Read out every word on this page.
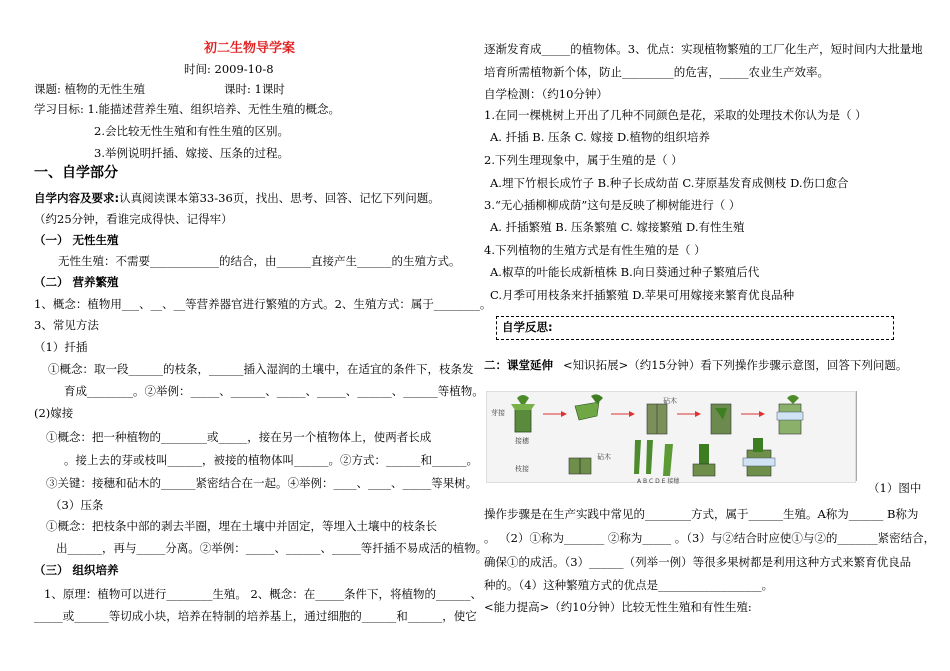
初二生物导学案
时间: 2009-10-8
课题: 植物的无性生殖	课时: 1课时
学习目标: 1.能描述营养生殖、组织培养、无性生殖的概念。
2.会比较无性生殖和有性生殖的区别。
3.举例说明扦插、嫁接、压条的过程。
一、自学部分
自学内容及要求:认真阅读课本第33-36页，找出、思考、回答、记忆下列问题。
（约25分钟，看谁完成得快、记得牢）
（一） 无性生殖
无性生殖：不需要____________的结合，由______直接产生______的生殖方式。
（二） 营养繁殖
1、概念：植物用___、__、__等营养器官进行繁殖的方式。2、生殖方式：属于________。
3、常见方法
（1）扦插
①概念：取一段______的枝条，______插入湿润的土壤中，在适宜的条件下，枝条发
育成________。②举例：_____、______、_____、_____、______、______等植物。
(2)嫁接
①概念：把一种植物的________或_____，接在另一个植物体上，使两者长成
。接上去的芽或枝叫______，被接的植物体叫______。②方式：______和______。
③关键：接穗和砧木的______紧密结合在一起。④举例：____、____、_____等果树。
（3）压条
①概念：把枝条中部的剥去半圈，埋在土壤中并固定，等埋入土壤中的枝条长
出______，再与_____分离。②举例：_____、______、_____等扦插不易成活的植物。
（三） 组织培养
1、原理：植物可以进行________生殖。 2、概念：在_____条件下，将植物的______、
_____或______等切成小块，培养在特制的培养基上，通过细胞的______和______，使它
逐渐发育成_____的植物体。3、优点：实现植物繁殖的工厂化生产，短时间内大批量地
培育所需植物新个体，防止_________的危害，_____农业生产效率。
自学检测：（约10分钟）
1.在同一棵桃树上开出了几种不同颜色是花，采取的处理技术你认为是（ ）
A. 扦插 B. 压条 C. 嫁接 D.植物的组织培养
2.下列生理现象中，属于生殖的是（ ）
A.埋下竹根长成竹子 B.种子长成幼苗 C.芽原基发育成侧枝 D.伤口愈合
3.“无心插柳柳成荫”这句是反映了柳树能进行（ ）
A. 扦插繁殖 B. 压条繁殖 C. 嫁接繁殖 D.有性生殖
4.下列植物的生殖方式是有性生殖的是（ ）
A.椒草的叶能长成新植株 B.向日葵通过种子繁殖后代
C.月季可用枝条来扦插繁殖 D.苹果可用嫁接来繁育优良品种
自学反思:
二：课堂延伸 <知识拓展>（约15分钟）看下列操作步骤示意图，回答下列问题。
（1）图中
操作步骤是在生产实践中常见的________方式，属于______生殖。A称为______ B称为
。 （2）①称为_______ ②称为_____ 。（3）与②结合时应使①与②的_______紧密结合，
确保①的成活。（3）______（列举一例）等很多果树都是利用这种方式来繁育优良品
种的。（4）这种繁殖方式的优点是__________________。
<能力提高>（约10分钟）比较无性生殖和有性生殖:
芽接
枝接
接穗
砧木
砧木
A B C D E 接穗
